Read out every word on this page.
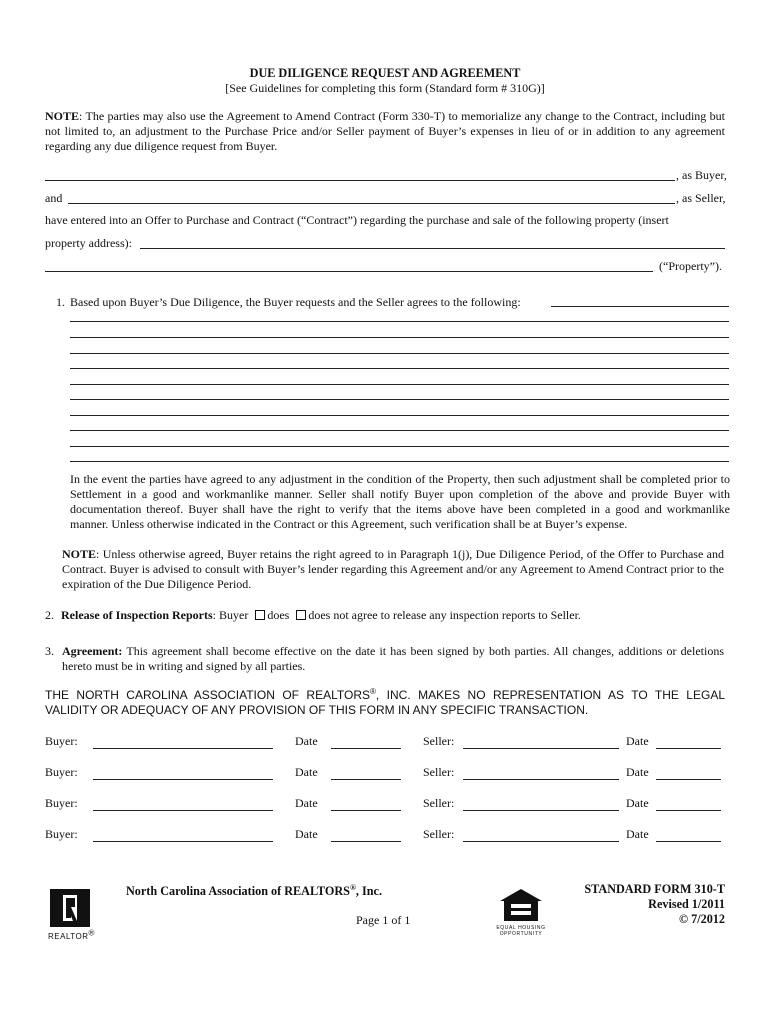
DUE DILIGENCE REQUEST AND AGREEMENT
[See Guidelines for completing this form (Standard form # 310G)]
NOTE: The parties may also use the Agreement to Amend Contract (Form 330-T) to memorialize any change to the Contract, including but not limited to, an adjustment to the Purchase Price and/or Seller payment of Buyer’s expenses in lieu of or in addition to any agreement regarding any due diligence request from Buyer.
, as Buyer,
and	, as Seller,
have entered into an Offer to Purchase and Contract (“Contract”) regarding the purchase and sale of the following property (insert
property address):
(“Property”).
1. Based upon Buyer’s Due Diligence, the Buyer requests and the Seller agrees to the following:
In the event the parties have agreed to any adjustment in the condition of the Property, then such adjustment shall be completed prior to Settlement in a good and workmanlike manner. Seller shall notify Buyer upon completion of the above and provide Buyer with documentation thereof. Buyer shall have the right to verify that the items above have been completed in a good and workmanlike manner. Unless otherwise indicated in the Contract or this Agreement, such verification shall be at Buyer’s expense.
NOTE: Unless otherwise agreed, Buyer retains the right agreed to in Paragraph 1(j), Due Diligence Period, of the Offer to Purchase and Contract. Buyer is advised to consult with Buyer’s lender regarding this Agreement and/or any Agreement to Amend Contract prior to the expiration of the Due Diligence Period.
2. Release of Inspection Reports: Buyer does does not agree to release any inspection reports to Seller.
3. Agreement: This agreement shall become effective on the date it has been signed by both parties. All changes, additions or deletions hereto must be in writing and signed by all parties.
THE NORTH CAROLINA ASSOCIATION OF REALTORS®, INC. MAKES NO REPRESENTATION AS TO THE LEGAL VALIDITY OR ADEQUACY OF ANY PROVISION OF THIS FORM IN ANY SPECIFIC TRANSACTION.
Buyer:	Date	Seller:	Date
Buyer:	Date	Seller:	Date
Buyer:	Date	Seller:	Date
Buyer:	Date	Seller:	Date
REALTOR®
North Carolina Association of REALTORS®, Inc.
Page 1 of 1
EQUAL HOUSING
OPPORTUNITY
STANDARD FORM 310-T
Revised 1/2011
© 7/2012
